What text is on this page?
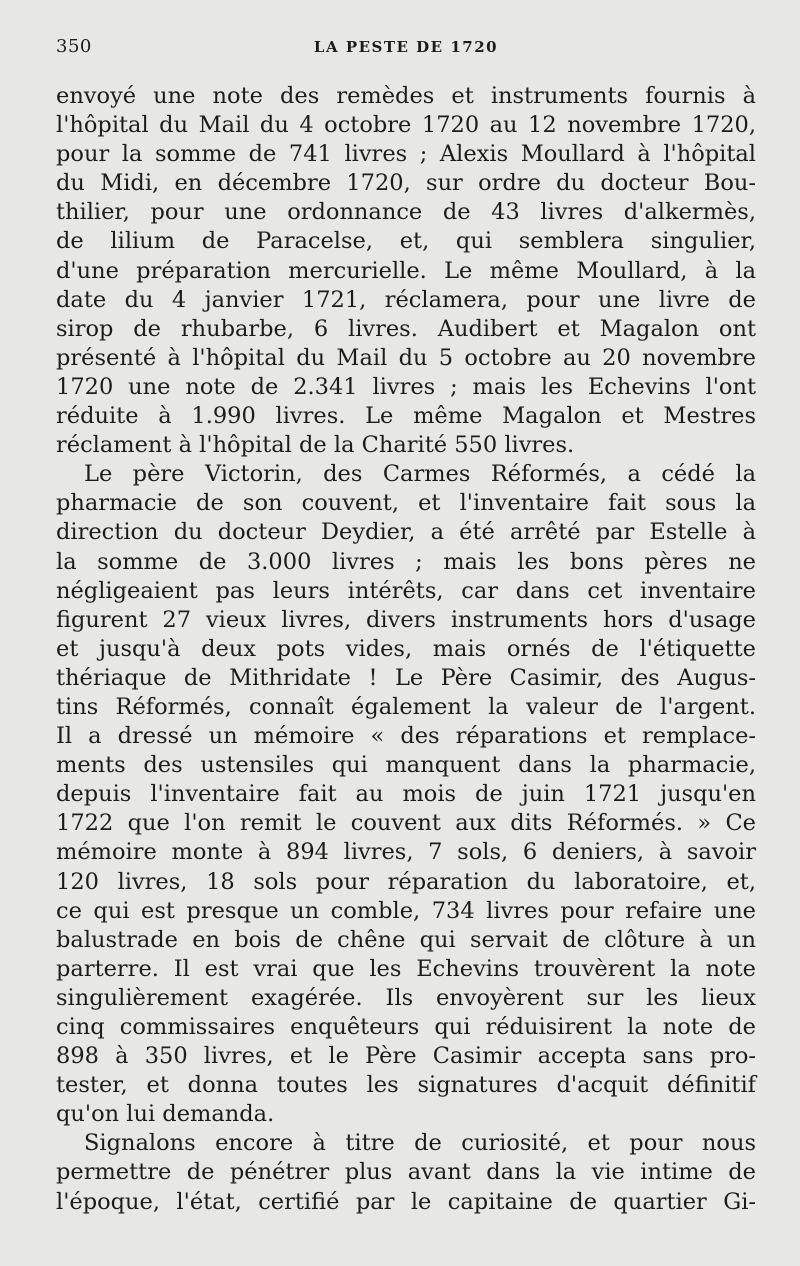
350	LA PESTE DE 1720
envoyé une note des remèdes et instruments fournis à
l'hôpital du Mail du 4 octobre 1720 au 12 novembre 1720,
pour la somme de 741 livres ; Alexis Moullard à l'hôpital
du Midi, en décembre 1720, sur ordre du docteur Bou-
thilier, pour une ordonnance de 43 livres d'alkermès,
de lilium de Paracelse, et, qui semblera singulier,
d'une préparation mercurielle. Le même Moullard, à la
date du 4 janvier 1721, réclamera, pour une livre de
sirop de rhubarbe, 6 livres. Audibert et Magalon ont
présenté à l'hôpital du Mail du 5 octobre au 20 novembre
1720 une note de 2.341 livres ; mais les Echevins l'ont
réduite à 1.990 livres. Le même Magalon et Mestres
réclament à l'hôpital de la Charité 550 livres.
Le père Victorin, des Carmes Réformés, a cédé la
pharmacie de son couvent, et l'inventaire fait sous la
direction du docteur Deydier, a été arrêté par Estelle à
la somme de 3.000 livres ; mais les bons pères ne
négligeaient pas leurs intérêts, car dans cet inventaire
figurent 27 vieux livres, divers instruments hors d'usage
et jusqu'à deux pots vides, mais ornés de l'étiquette
thériaque de Mithridate ! Le Père Casimir, des Augus-
tins Réformés, connaît également la valeur de l'argent.
Il a dressé un mémoire « des réparations et remplace-
ments des ustensiles qui manquent dans la pharmacie,
depuis l'inventaire fait au mois de juin 1721 jusqu'en
1722 que l'on remit le couvent aux dits Réformés. » Ce
mémoire monte à 894 livres, 7 sols, 6 deniers, à savoir
120 livres, 18 sols pour réparation du laboratoire, et,
ce qui est presque un comble, 734 livres pour refaire une
balustrade en bois de chêne qui servait de clôture à un
parterre. Il est vrai que les Echevins trouvèrent la note
singulièrement exagérée. Ils envoyèrent sur les lieux
cinq commissaires enquêteurs qui réduisirent la note de
898 à 350 livres, et le Père Casimir accepta sans pro-
tester, et donna toutes les signatures d'acquit définitif
qu'on lui demanda.
Signalons encore à titre de curiosité, et pour nous
permettre de pénétrer plus avant dans la vie intime de
l'époque, l'état, certifié par le capitaine de quartier Gi-
